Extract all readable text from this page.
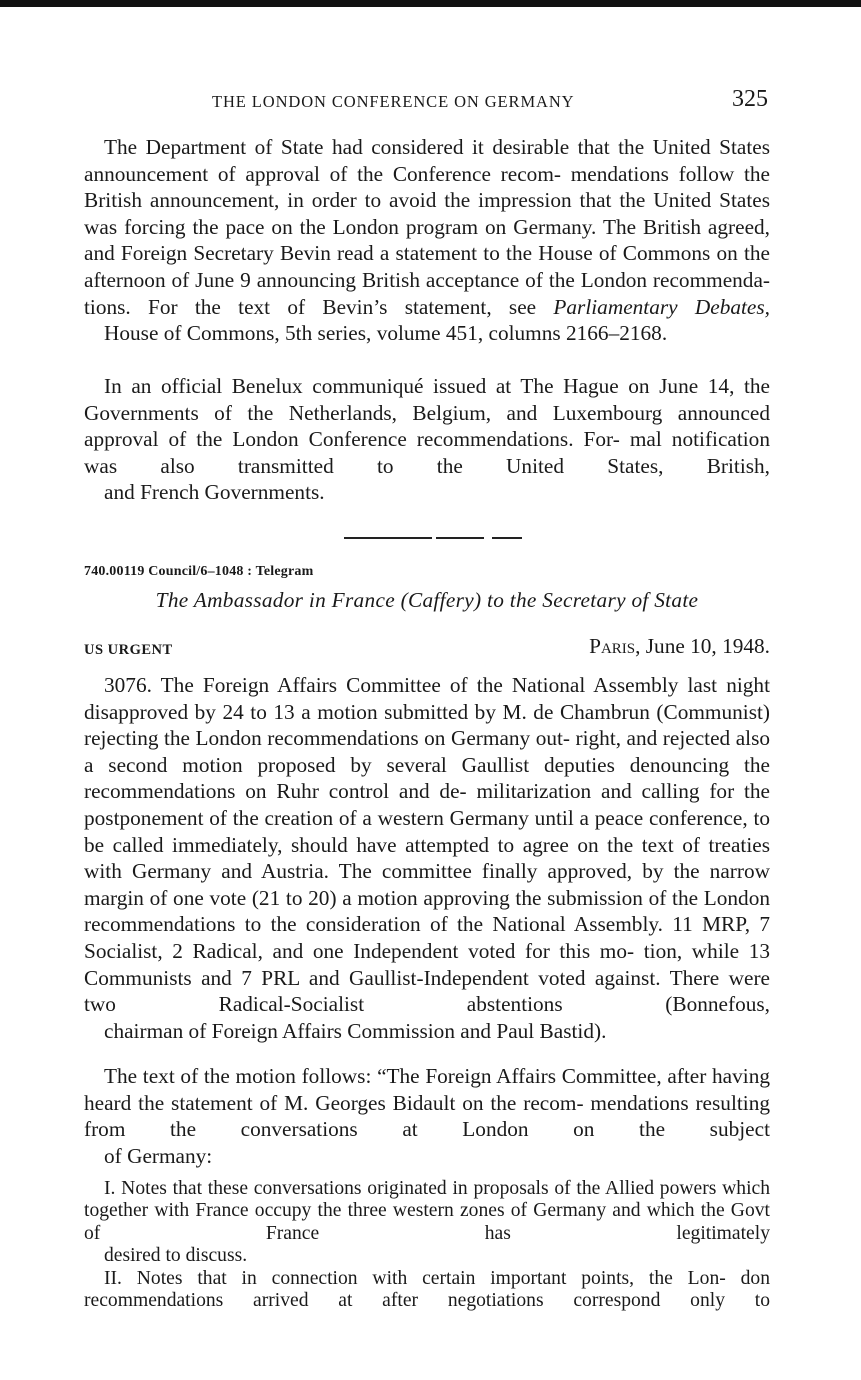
THE LONDON CONFERENCE ON GERMANY	325

The Department of State had considered it desirable that the United States announcement of approval of the Conference recom- mendations follow the British announcement, in order to avoid the impression that the United States was forcing the pace on the London program on Germany. The British agreed, and Foreign Secretary Bevin read a statement to the House of Commons on the afternoon of June 9 announcing British acceptance of the London recommenda- tions. For the text of Bevin’s statement, see Parliamentary Debates,
House of Commons, 5th series, volume 451, columns 2166–2168.

In an official Benelux communiqué issued at The Hague on June 14, the Governments of the Netherlands, Belgium, and Luxembourg announced approval of the London Conference recommendations. For- mal notification was also transmitted to the United States, British,
and French Governments.

740.00119 Council/6–1048 : Telegram
The Ambassador in France (Caffery) to the Secretary of State
US URGENT	Paris, June 10, 1948.

3076. The Foreign Affairs Committee of the National Assembly last night disapproved by 24 to 13 a motion submitted by M. de Chambrun (Communist) rejecting the London recommendations on Germany out- right, and rejected also a second motion proposed by several Gaullist deputies denouncing the recommendations on Ruhr control and de- militarization and calling for the postponement of the creation of a western Germany until a peace conference, to be called immediately, should have attempted to agree on the text of treaties with Germany and Austria. The committee finally approved, by the narrow margin of one vote (21 to 20) a motion approving the submission of the London recommendations to the consideration of the National Assembly. 11 MRP, 7 Socialist, 2 Radical, and one Independent voted for this mo- tion, while 13 Communists and 7 PRL and Gaullist-Independent voted against. There were two Radical-Socialist abstentions (Bonnefous,
chairman of Foreign Affairs Commission and Paul Bastid).

The text of the motion follows: “The Foreign Affairs Committee, after having heard the statement of M. Georges Bidault on the recom- mendations resulting from the conversations at London on the subject
of Germany:

I. Notes that these conversations originated in proposals of the Allied powers which together with France occupy the three western zones of Germany and which the Govt of France has legitimately
desired to discuss.

II. Notes that in connection with certain important points, the Lon- don recommendations arrived at after negotiations correspond only to
